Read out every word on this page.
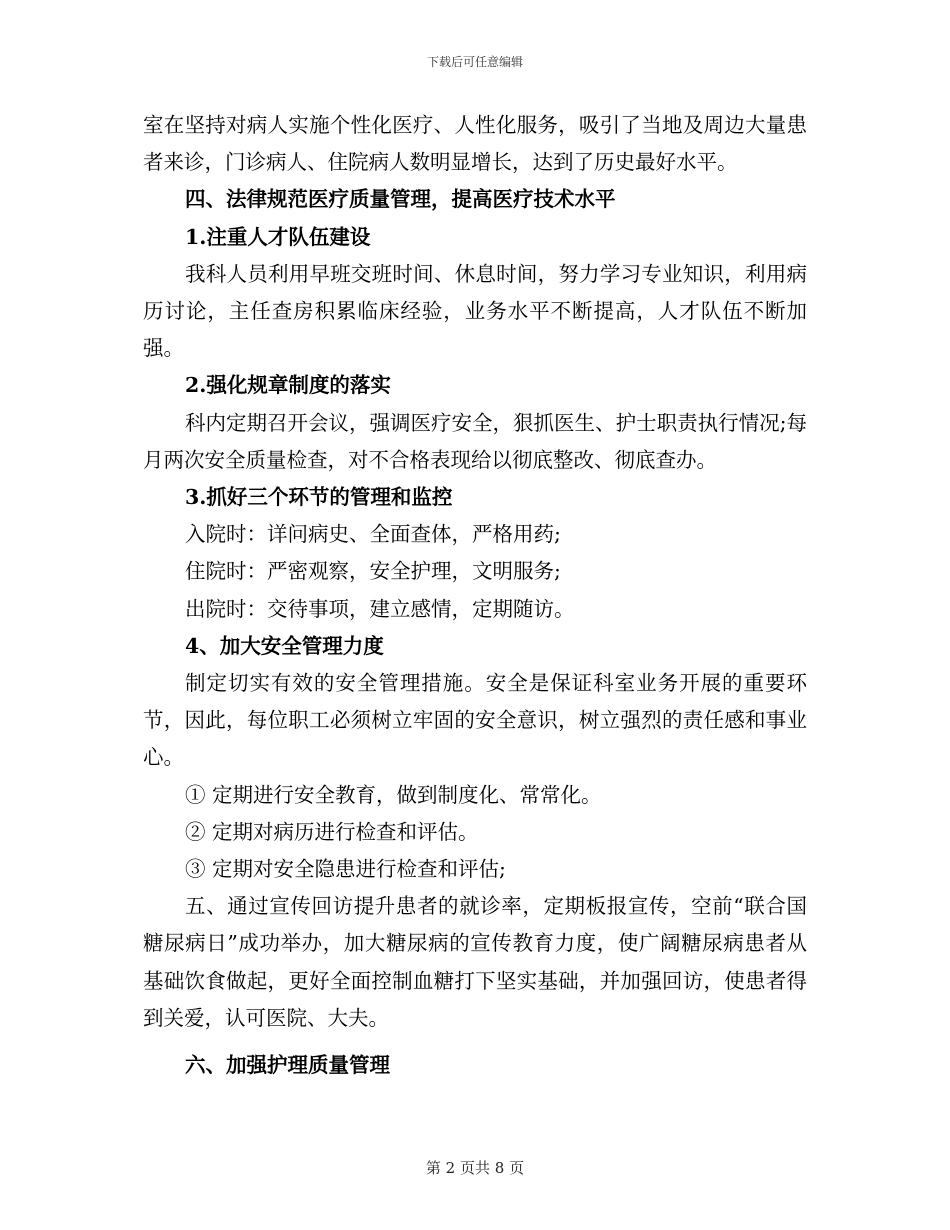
下载后可任意编辑

室在坚持对病人实施个性化医疗、人性化服务，吸引了当地及周边大量患者来诊，门诊病人、住院病人数明显增长，达到了历史最好水平。

四、法律规范医疗质量管理，提高医疗技术水平

1.注重人才队伍建设

我科人员利用早班交班时间、休息时间，努力学习专业知识，利用病历讨论，主任查房积累临床经验，业务水平不断提高，人才队伍不断加强。

2.强化规章制度的落实

科内定期召开会议，强调医疗安全，狠抓医生、护士职责执行情况;每月两次安全质量检查，对不合格表现给以彻底整改、彻底查办。

3.抓好三个环节的管理和监控

入院时：详问病史、全面查体，严格用药;

住院时：严密观察，安全护理，文明服务;

出院时：交待事项，建立感情，定期随访。

4、加大安全管理力度

制定切实有效的安全管理措施。安全是保证科室业务开展的重要环节，因此，每位职工必须树立牢固的安全意识，树立强烈的责任感和事业心。

① 定期进行安全教育，做到制度化、常常化。

② 定期对病历进行检查和评估。

③ 定期对安全隐患进行检查和评估;

五、通过宣传回访提升患者的就诊率，定期板报宣传，空前“联合国糖尿病日”成功举办，加大糖尿病的宣传教育力度，使广阔糖尿病患者从基础饮食做起，更好全面控制血糖打下坚实基础，并加强回访，使患者得到关爱，认可医院、大夫。

六、加强护理质量管理

第 2 页共 8 页
